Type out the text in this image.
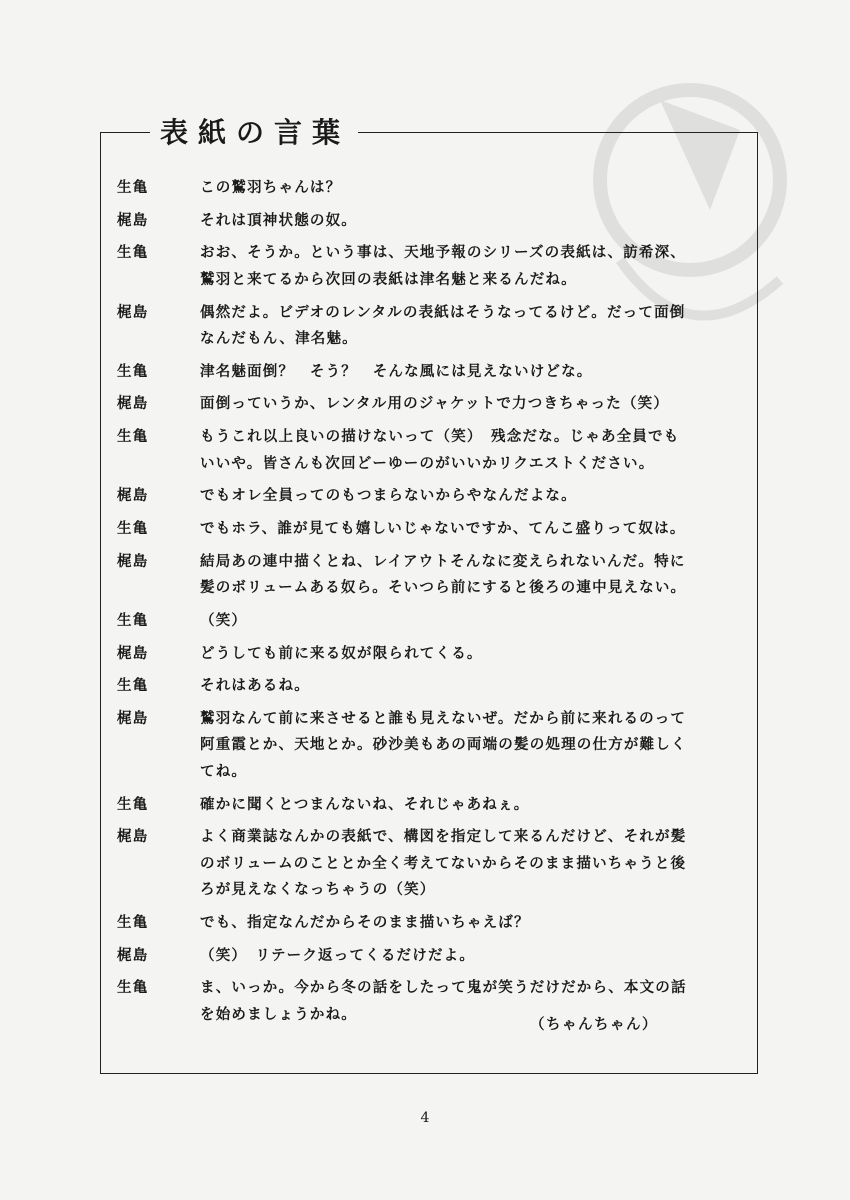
表紙の言葉
生亀	この鷲羽ちゃんは？
梶島	それは頂神状態の奴。
生亀	おお、そうか。という事は、天地予報のシリーズの表紙は、訪希深、
鷲羽と来てるから次回の表紙は津名魅と来るんだね。
梶島	偶然だよ。ビデオのレンタルの表紙はそうなってるけど。だって面倒
なんだもん、津名魅。
生亀	津名魅面倒？　そう？　そんな風には見えないけどな。
梶島	面倒っていうか、レンタル用のジャケットで力つきちゃった（笑）
生亀	もうこれ以上良いの描けないって（笑）　残念だな。じゃあ全員でも
いいや。皆さんも次回どーゆーのがいいかリクエストください。
梶島	でもオレ全員ってのもつまらないからやなんだよな。
生亀	でもホラ、誰が見ても嬉しいじゃないですか、てんこ盛りって奴は。
梶島	結局あの連中描くとね、レイアウトそんなに変えられないんだ。特に
髪のボリュームある奴ら。そいつら前にすると後ろの連中見えない。
生亀	（笑）
梶島	どうしても前に来る奴が限られてくる。
生亀	それはあるね。
梶島	鷲羽なんて前に来させると誰も見えないぜ。だから前に来れるのって
阿重霞とか、天地とか。砂沙美もあの両端の髪の処理の仕方が難しく
てね。
生亀	確かに聞くとつまんないね、それじゃあねぇ。
梶島	よく商業誌なんかの表紙で、構図を指定して来るんだけど、それが髪
のボリュームのこととか全く考えてないからそのまま描いちゃうと後
ろが見えなくなっちゃうの（笑）
生亀	でも、指定なんだからそのまま描いちゃえば？
梶島	（笑）　リテーク返ってくるだけだよ。
生亀	ま、いっか。今から冬の話をしたって鬼が笑うだけだから、本文の話
を始めましょうかね。
（ちゃんちゃん）
4
